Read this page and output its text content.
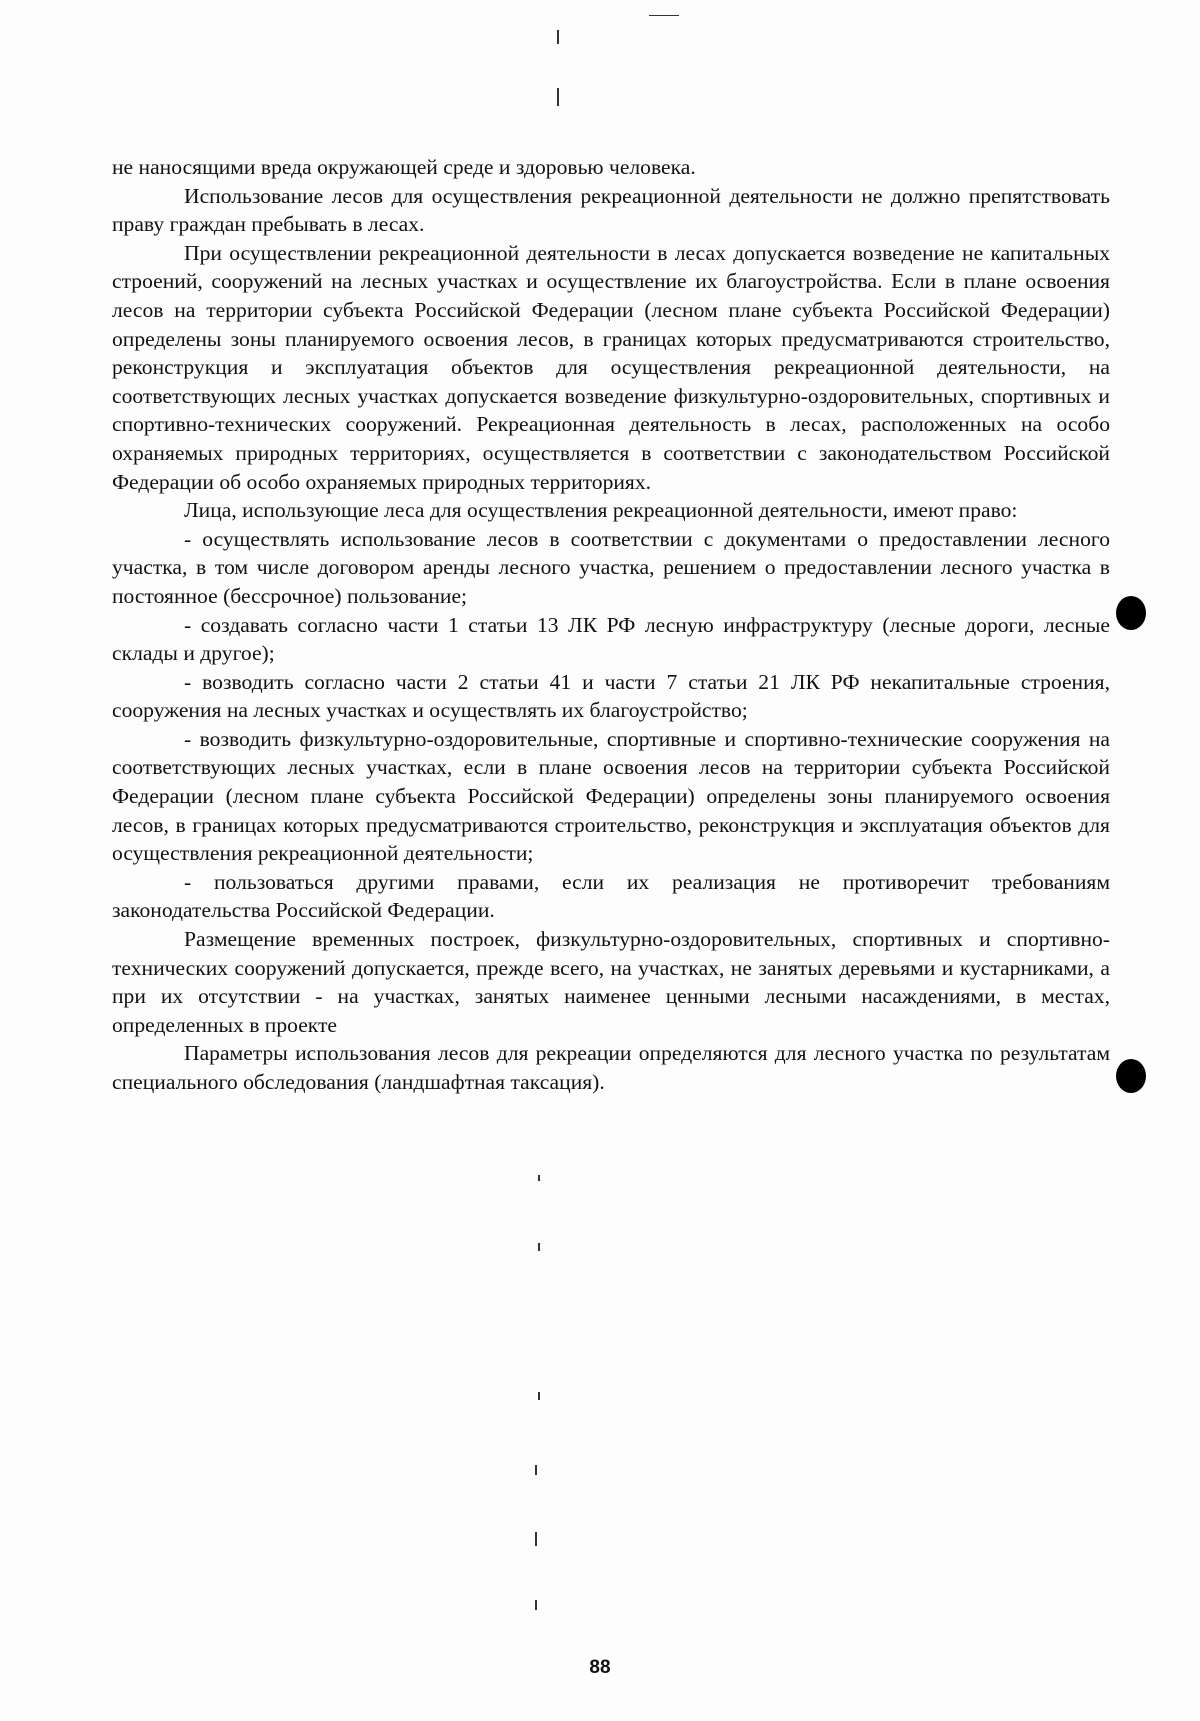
не наносящими вреда окружающей среде и здоровью человека.

Использование лесов для осуществления рекреационной деятельности не должно препятствовать праву граждан пребывать в лесах.

При осуществлении рекреационной деятельности в лесах допускается возведение не капитальных строений, сооружений на лесных участках и осуществление их благоустройства. Если в плане освоения лесов на территории субъекта Российской Федерации (лесном плане субъекта Российской Федерации) определены зоны планируемого освоения лесов, в границах которых предусматриваются строительство, реконструкция и эксплуатация объектов для осуществления рекреационной деятельности, на соответствующих лесных участках допускается возведение физкультурно-оздоровительных, спортивных и спортивно-технических сооружений. Рекреационная деятельность в лесах, расположенных на особо охраняемых природных территориях, осуществляется в соответствии с законодательством Российской Федерации об особо охраняемых природных территориях.

Лица, использующие леса для осуществления рекреационной деятельности, имеют право:

- осуществлять использование лесов в соответствии с документами о предоставлении лесного участка, в том числе договором аренды лесного участка, решением о предоставлении лесного участка в постоянное (бессрочное) пользование;

- создавать согласно части 1 статьи 13 ЛК РФ лесную инфраструктуру (лесные дороги, лесные склады и другое);

- возводить согласно части 2 статьи 41 и части 7 статьи 21 ЛК РФ некапитальные строения, сооружения на лесных участках и осуществлять их благоустройство;

- возводить физкультурно-оздоровительные, спортивные и спортивно-технические сооружения на соответствующих лесных участках, если в плане освоения лесов на территории субъекта Российской Федерации (лесном плане субъекта Российской Федерации) определены зоны планируемого освоения лесов, в границах которых предусматриваются строительство, реконструкция и эксплуатация объектов для осуществления рекреационной деятельности;

- пользоваться другими правами, если их реализация не противоречит требованиям законодательства Российской Федерации.

Размещение временных построек, физкультурно-оздоровительных, спортивных и спортивно-технических сооружений допускается, прежде всего, на участках, не занятых деревьями и кустарниками, а при их отсутствии - на участках, занятых наименее ценными лесными насаждениями, в местах, определенных в проекте

Параметры использования лесов для рекреации определяются для лесного участка по результатам специального обследования (ландшафтная таксация).

88
